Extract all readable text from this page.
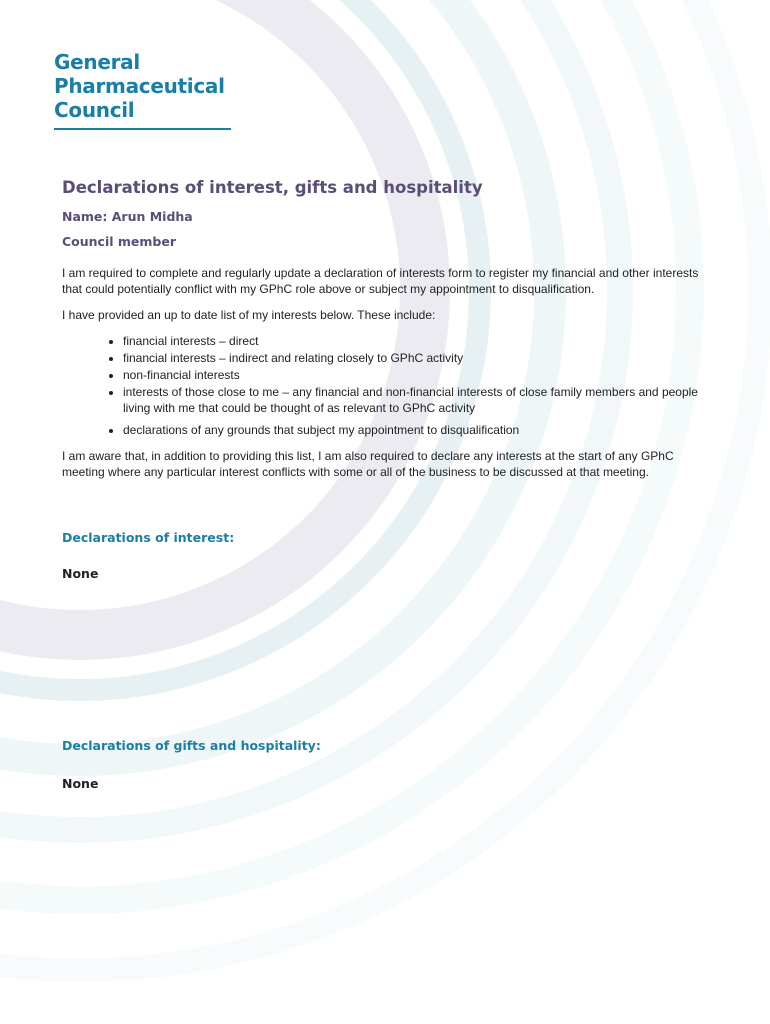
General
Pharmaceutical
Council
Declarations of interest, gifts and hospitality

Name: Arun Midha

Council member

I am required to complete and regularly update a declaration of interests form to register my financial and other interests that could potentially conflict with my GPhC role above or subject my appointment to disqualification.

I have provided an up to date list of my interests below. These include:

• financial interests – direct
• financial interests – indirect and relating closely to GPhC activity
• non-financial interests
• interests of those close to me – any financial and non-financial interests of close family members and people living with me that could be thought of as relevant to GPhC activity
• declarations of any grounds that subject my appointment to disqualification

I am aware that, in addition to providing this list, I am also required to declare any interests at the start of any GPhC meeting where any particular interest conflicts with some or all of the business to be discussed at that meeting.

Declarations of interest:

None

Declarations of gifts and hospitality:

None
